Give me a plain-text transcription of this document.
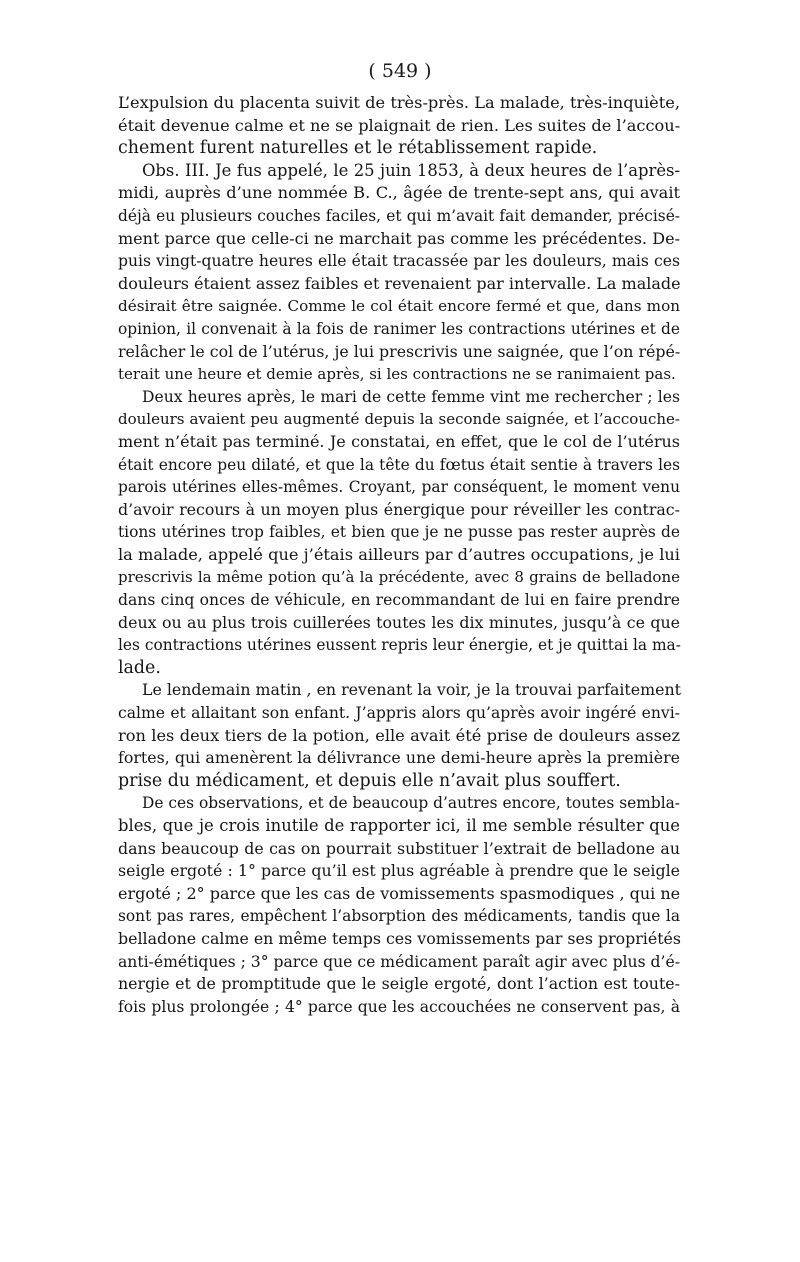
( 549 )
L’expulsion du placenta suivit de très-près. La malade, très-inquiète,
était devenue calme et ne se plaignait de rien. Les suites de l’accou-
chement furent naturelles et le rétablissement rapide.
Obs. III. Je fus appelé, le 25 juin 1853, à deux heures de l’après-
midi, auprès d’une nommée B. C., âgée de trente-sept ans, qui avait
déjà eu plusieurs couches faciles, et qui m’avait fait demander, précisé-
ment parce que celle-ci ne marchait pas comme les précédentes. De-
puis vingt-quatre heures elle était tracassée par les douleurs, mais ces
douleurs étaient assez faibles et revenaient par intervalle. La malade
désirait être saignée. Comme le col était encore fermé et que, dans mon
opinion, il convenait à la fois de ranimer les contractions utérines et de
relâcher le col de l’utérus, je lui prescrivis une saignée, que l’on répé-
terait une heure et demie après, si les contractions ne se ranimaient pas.
Deux heures après, le mari de cette femme vint me rechercher ; les
douleurs avaient peu augmenté depuis la seconde saignée, et l’accouche-
ment n’était pas terminé. Je constatai, en effet, que le col de l’utérus
était encore peu dilaté, et que la tête du fœtus était sentie à travers les
parois utérines elles-mêmes. Croyant, par conséquent, le moment venu
d’avoir recours à un moyen plus énergique pour réveiller les contrac-
tions utérines trop faibles, et bien que je ne pusse pas rester auprès de
la malade, appelé que j’étais ailleurs par d’autres occupations, je lui
prescrivis la même potion qu’à la précédente, avec 8 grains de belladone
dans cinq onces de véhicule, en recommandant de lui en faire prendre
deux ou au plus trois cuillerées toutes les dix minutes, jusqu’à ce que
les contractions utérines eussent repris leur énergie, et je quittai la ma-
lade.
Le lendemain matin , en revenant la voir, je la trouvai parfaitement
calme et allaitant son enfant. J’appris alors qu’après avoir ingéré envi-
ron les deux tiers de la potion, elle avait été prise de douleurs assez
fortes, qui amenèrent la délivrance une demi-heure après la première
prise du médicament, et depuis elle n’avait plus souffert.
De ces observations, et de beaucoup d’autres encore, toutes sembla-
bles, que je crois inutile de rapporter ici, il me semble résulter que
dans beaucoup de cas on pourrait substituer l’extrait de belladone au
seigle ergoté : 1° parce qu’il est plus agréable à prendre que le seigle
ergoté ; 2° parce que les cas de vomissements spasmodiques , qui ne
sont pas rares, empêchent l’absorption des médicaments, tandis que la
belladone calme en même temps ces vomissements par ses propriétés
anti-émétiques ; 3° parce que ce médicament paraît agir avec plus d’é-
nergie et de promptitude que le seigle ergoté, dont l’action est toute-
fois plus prolongée ; 4° parce que les accouchées ne conservent pas, à
